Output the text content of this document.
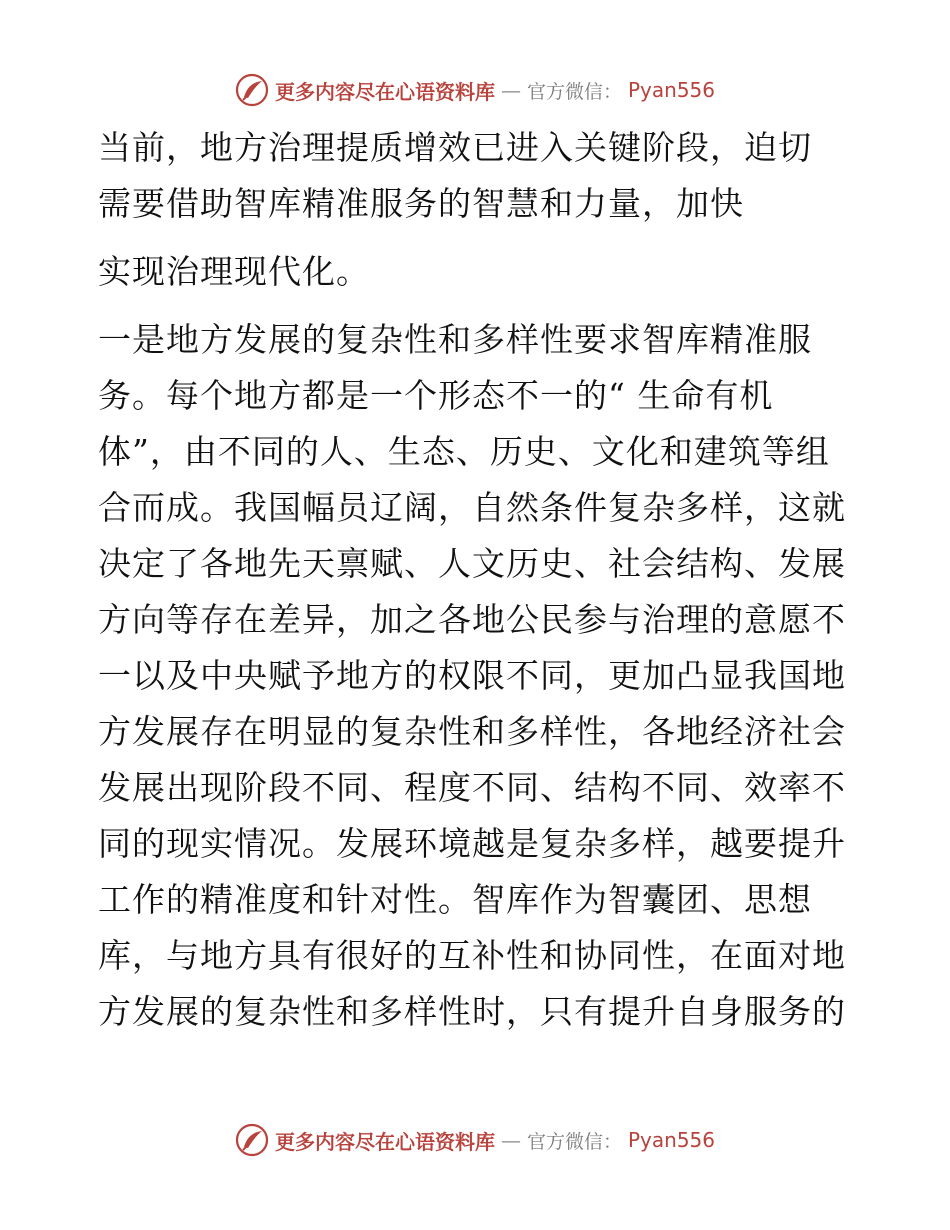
更多内容尽在心语资料库 — 官方微信： Pyan556
当前，地方治理提质增效已进入关键阶段，迫切
需要借助智库精准服务的智慧和力量，加快
实现治理现代化。
一是地方发展的复杂性和多样性要求智库精准服
务。每个地方都是一个形态不一的“ 生命有机
体”，由不同的人、生态、历史、文化和建筑等组
合而成。我国幅员辽阔，自然条件复杂多样，这就
决定了各地先天禀赋、人文历史、社会结构、发展
方向等存在差异，加之各地公民参与治理的意愿不
一以及中央赋予地方的权限不同，更加凸显我国地
方发展存在明显的复杂性和多样性，各地经济社会
发展出现阶段不同、程度不同、结构不同、效率不
同的现实情况。发展环境越是复杂多样，越要提升
工作的精准度和针对性。智库作为智囊团、思想
库，与地方具有很好的互补性和协同性，在面对地
方发展的复杂性和多样性时，只有提升自身服务的
更多内容尽在心语资料库 — 官方微信： Pyan556
